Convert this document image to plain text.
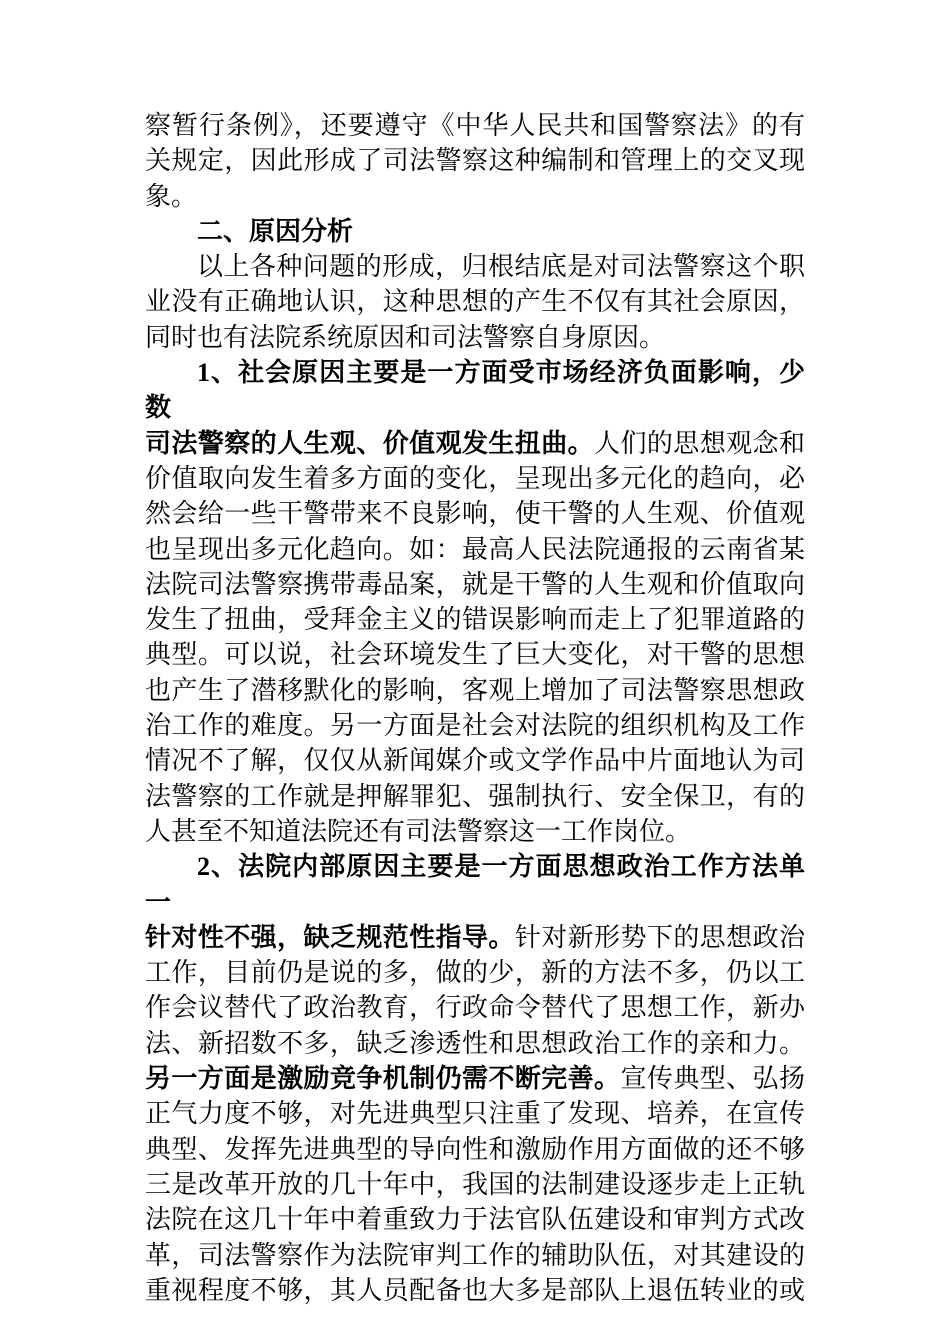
察暂行条例》，还要遵守《中华人民共和国警察法》的有
关规定，因此形成了司法警察这种编制和管理上的交叉现
象。
二、原因分析
以上各种问题的形成，归根结底是对司法警察这个职
业没有正确地认识，这种思想的产生不仅有其社会原因，
同时也有法院系统原因和司法警察自身原因。
1、社会原因主要是一方面受市场经济负面影响，少数
司法警察的人生观、价值观发生扭曲。人们的思想观念和
价值取向发生着多方面的变化，呈现出多元化的趋向，必
然会给一些干警带来不良影响，使干警的人生观、价值观
也呈现出多元化趋向。如：最高人民法院通报的云南省某
法院司法警察携带毒品案，就是干警的人生观和价值取向
发生了扭曲，受拜金主义的错误影响而走上了犯罪道路的
典型。可以说，社会环境发生了巨大变化，对干警的思想
也产生了潜移默化的影响，客观上增加了司法警察思想政
治工作的难度。另一方面是社会对法院的组织机构及工作
情况不了解，仅仅从新闻媒介或文学作品中片面地认为司
法警察的工作就是押解罪犯、强制执行、安全保卫，有的
人甚至不知道法院还有司法警察这一工作岗位。
2、法院内部原因主要是一方面思想政治工作方法单一
针对性不强，缺乏规范性指导。针对新形势下的思想政治
工作，目前仍是说的多，做的少，新的方法不多，仍以工
作会议替代了政治教育，行政命令替代了思想工作，新办
法、新招数不多，缺乏渗透性和思想政治工作的亲和力。
另一方面是激励竞争机制仍需不断完善。宣传典型、弘扬
正气力度不够，对先进典型只注重了发现、培养，在宣传
典型、发挥先进典型的导向性和激励作用方面做的还不够
三是改革开放的几十年中，我国的法制建设逐步走上正轨
法院在这几十年中着重致力于法官队伍建设和审判方式改
革，司法警察作为法院审判工作的辅助队伍，对其建设的
重视程度不够，其人员配备也大多是部队上退伍转业的或
